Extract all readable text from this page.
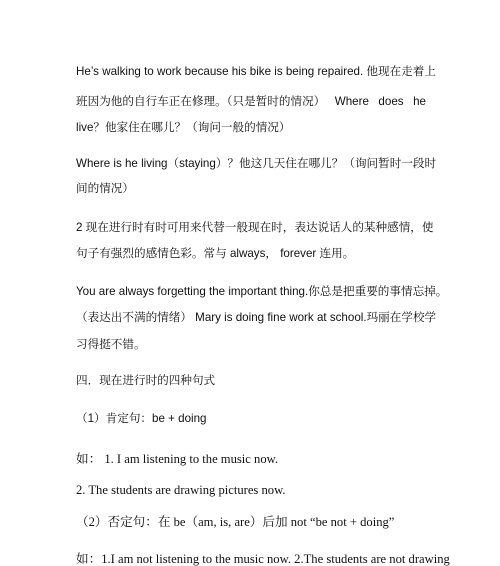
He’s walking to work because his bike is being repaired. 他现在走着上
班因为他的自行车正在修理。（只是暂时的情况） Where does he
live？他家住在哪儿？（询问一般的情况）
Where is he living（staying）？他这几天住在哪儿？（询问暂时一段时
间的情况）
2 现在进行时有时可用来代替一般现在时，表达说话人的某种感情，使
句子有强烈的感情色彩。常与 always， forever 连用。
You are always forgetting the important thing.你总是把重要的事情忘掉。
（表达出不满的情绪） Mary is doing fine work at school.玛丽在学校学
习得挺不错。
四．现在进行时的四种句式
（1）肯定句：be + doing
如： 1. I am listening to the music now.
2. The students are drawing pictures now.
（2）否定句：在 be（am, is, are）后加 not “be not + doing”
如：1.I am not listening to the music now. 2.The students are not drawing
